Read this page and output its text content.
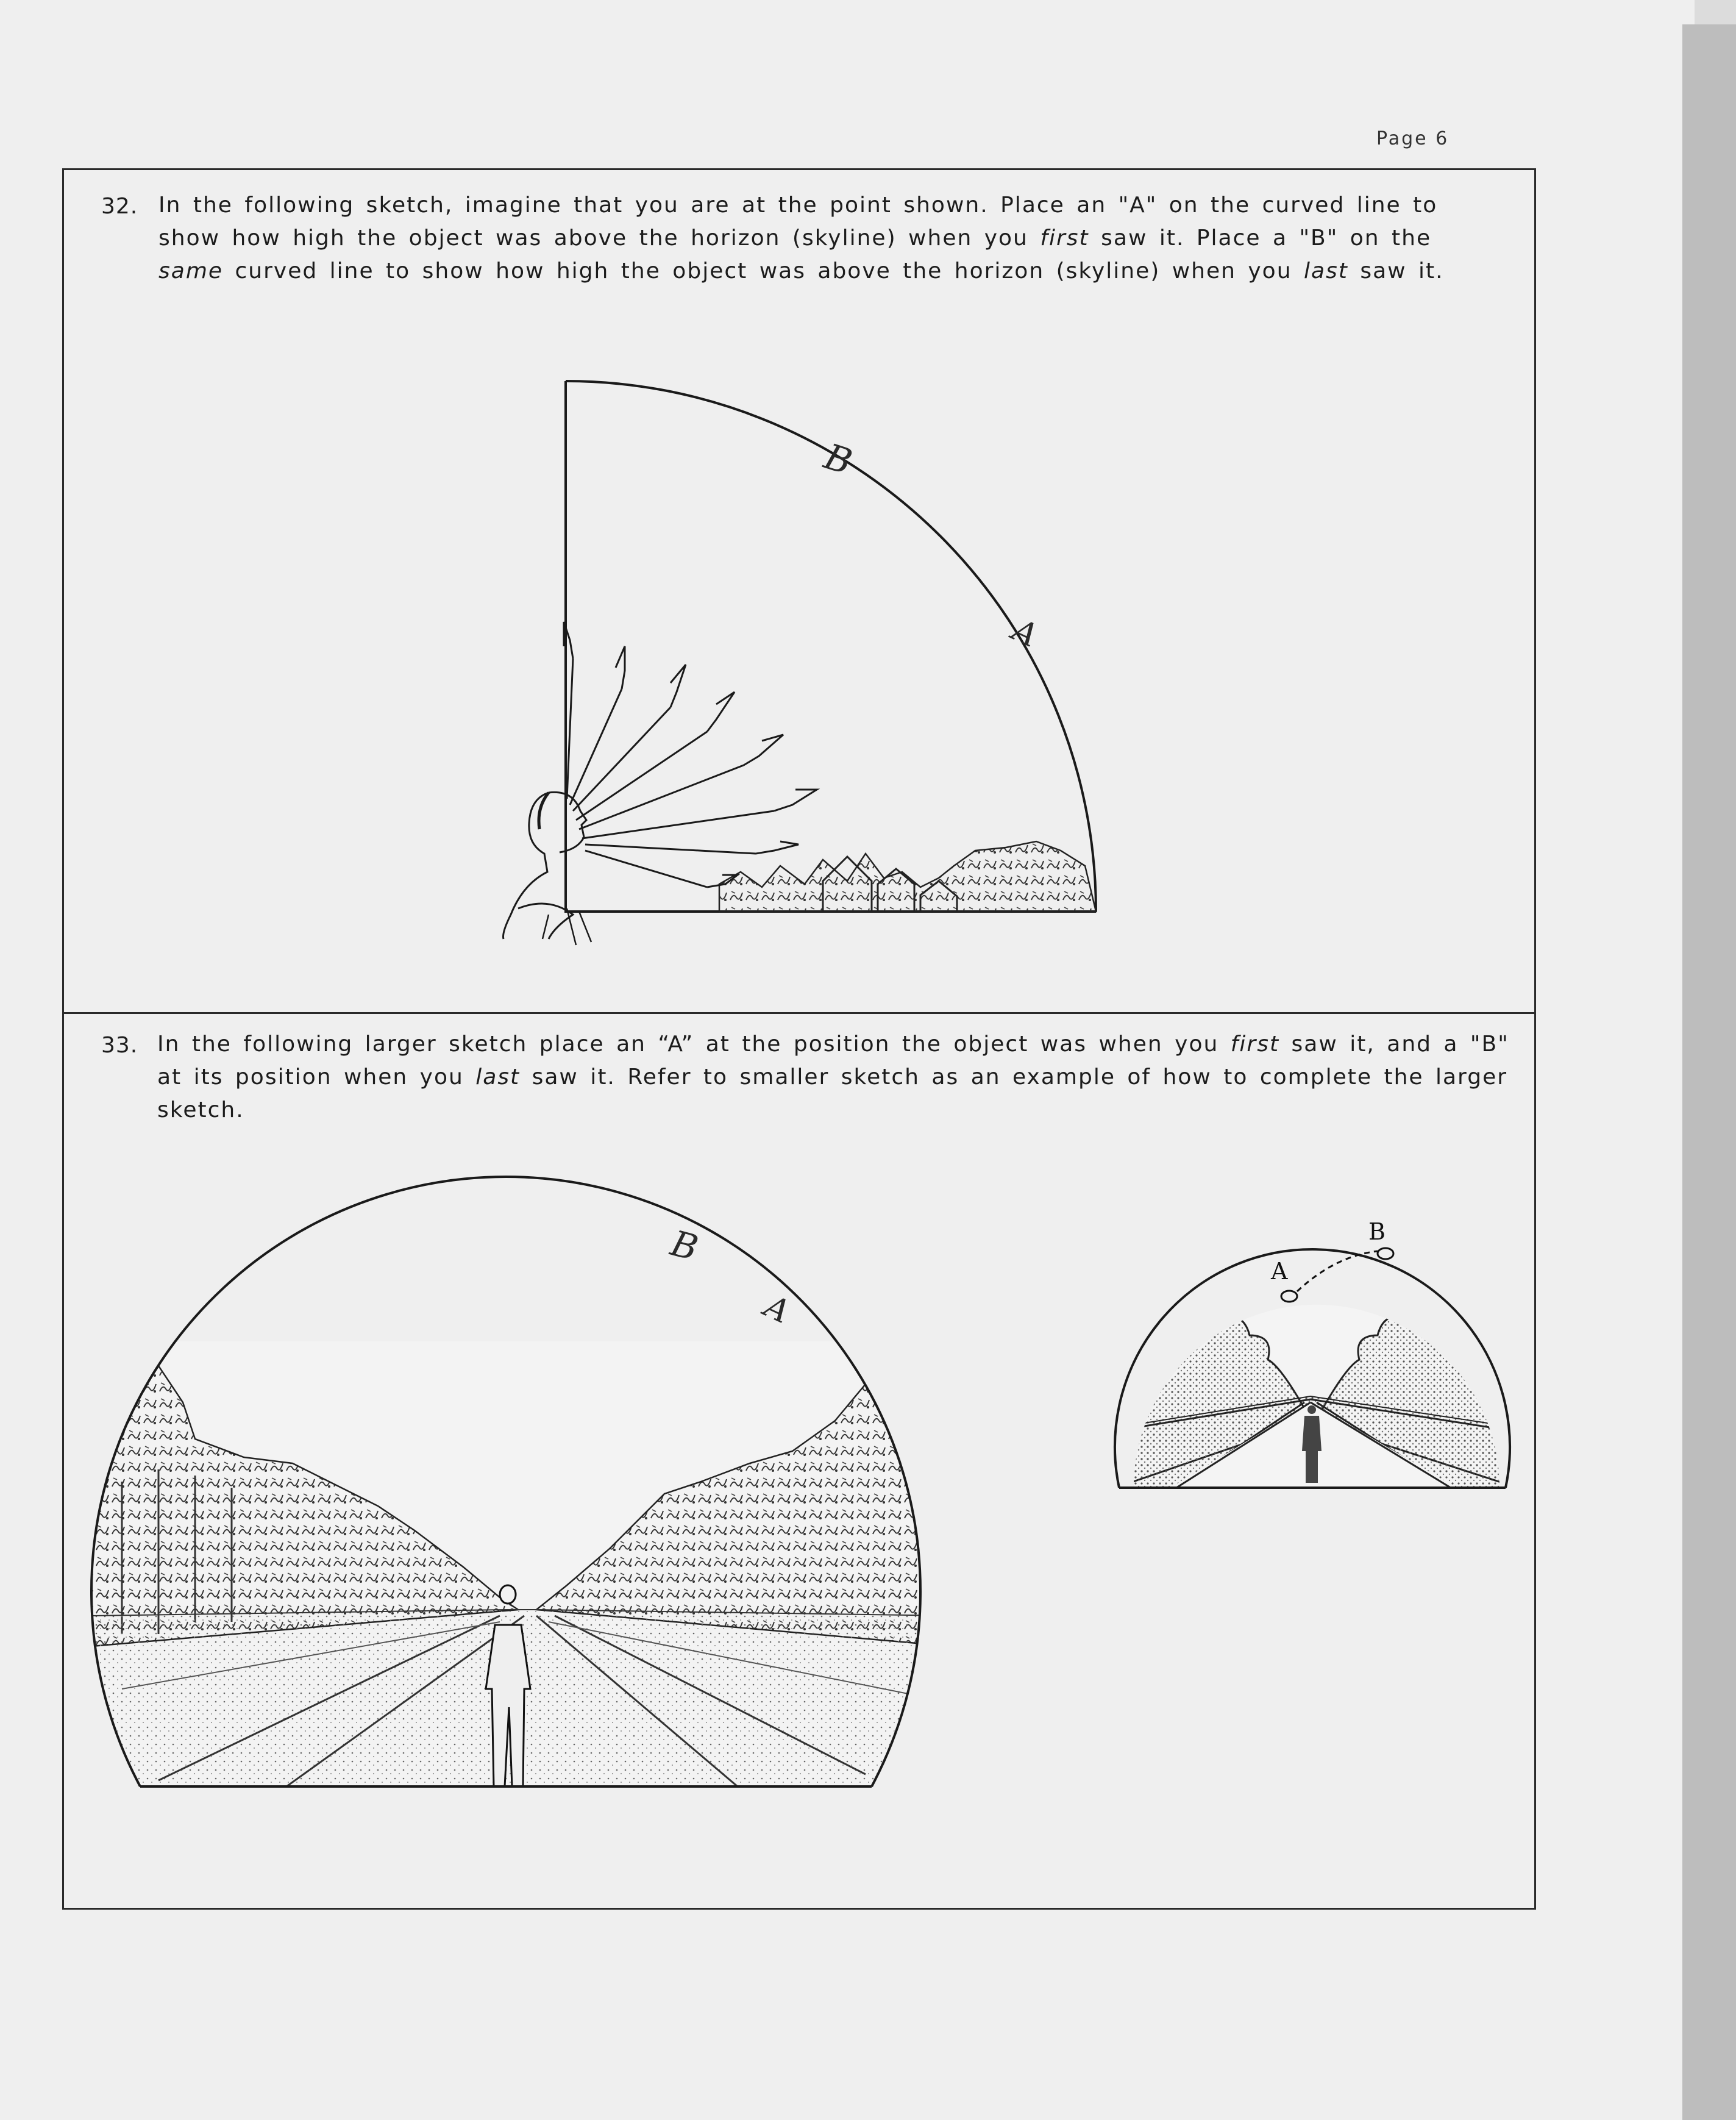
Page 6
32. In the following sketch, imagine that you are at the point shown. Place an "A" on the curved line to show how high the object was above the horizon (skyline) when you first saw it. Place a "B" on the same curved line to show how high the object was above the horizon (skyline) when you last saw it.
33. In the following larger sketch place an “A” at the position the object was when you first saw it, and a "B" at its position when you last saw it. Refer to smaller sketch as an example of how to complete the larger sketch.
B
A
B
A
A
B
